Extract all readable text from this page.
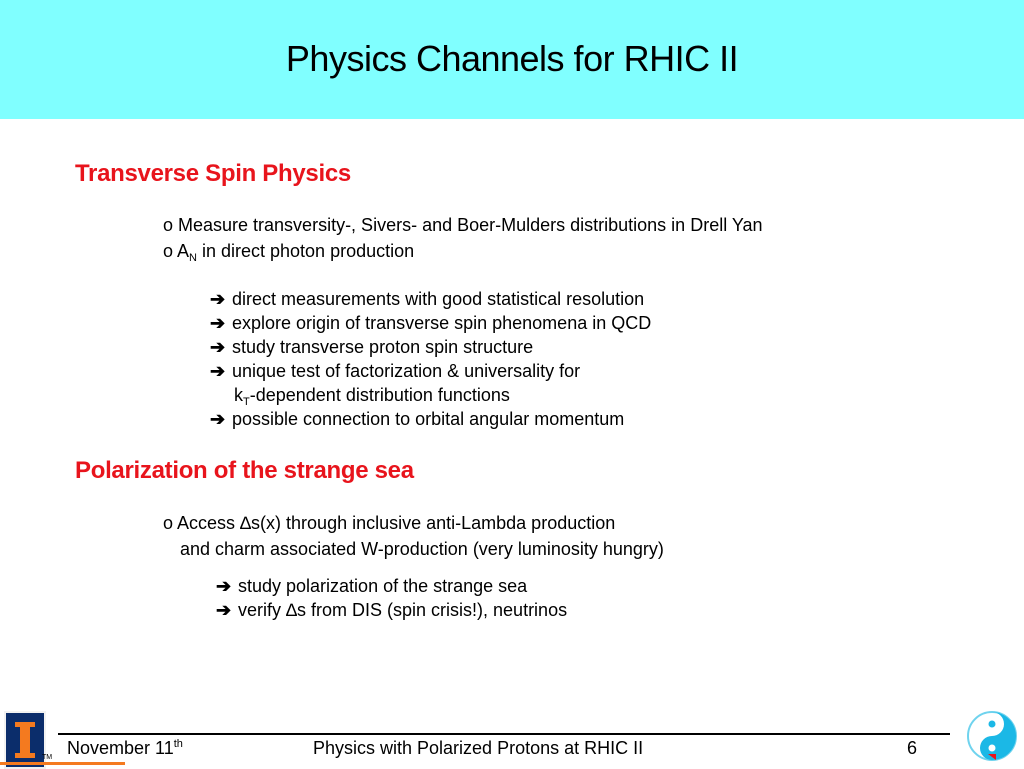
Physics Channels for RHIC II
Transverse Spin Physics
o Measure transversity-, Sivers- and Boer-Mulders distributions in Drell Yan
o $A_N$ in direct photon production
➔ direct measurements with good statistical resolution
➔ explore origin of transverse spin phenomena in QCD
➔ study transverse proton spin structure
➔ unique test of factorization & universality for
$k_T$-dependent distribution functions
➔ possible connection to orbital angular momentum
Polarization of the strange sea
o Access ∆s(x) through inclusive anti-Lambda production
and charm associated W-production (very luminosity hungry)
➔ study polarization of the strange sea
➔ verify ∆s from DIS (spin crisis!), neutrinos
TM November 11th	Physics with Polarized Protons at RHIC II	6
